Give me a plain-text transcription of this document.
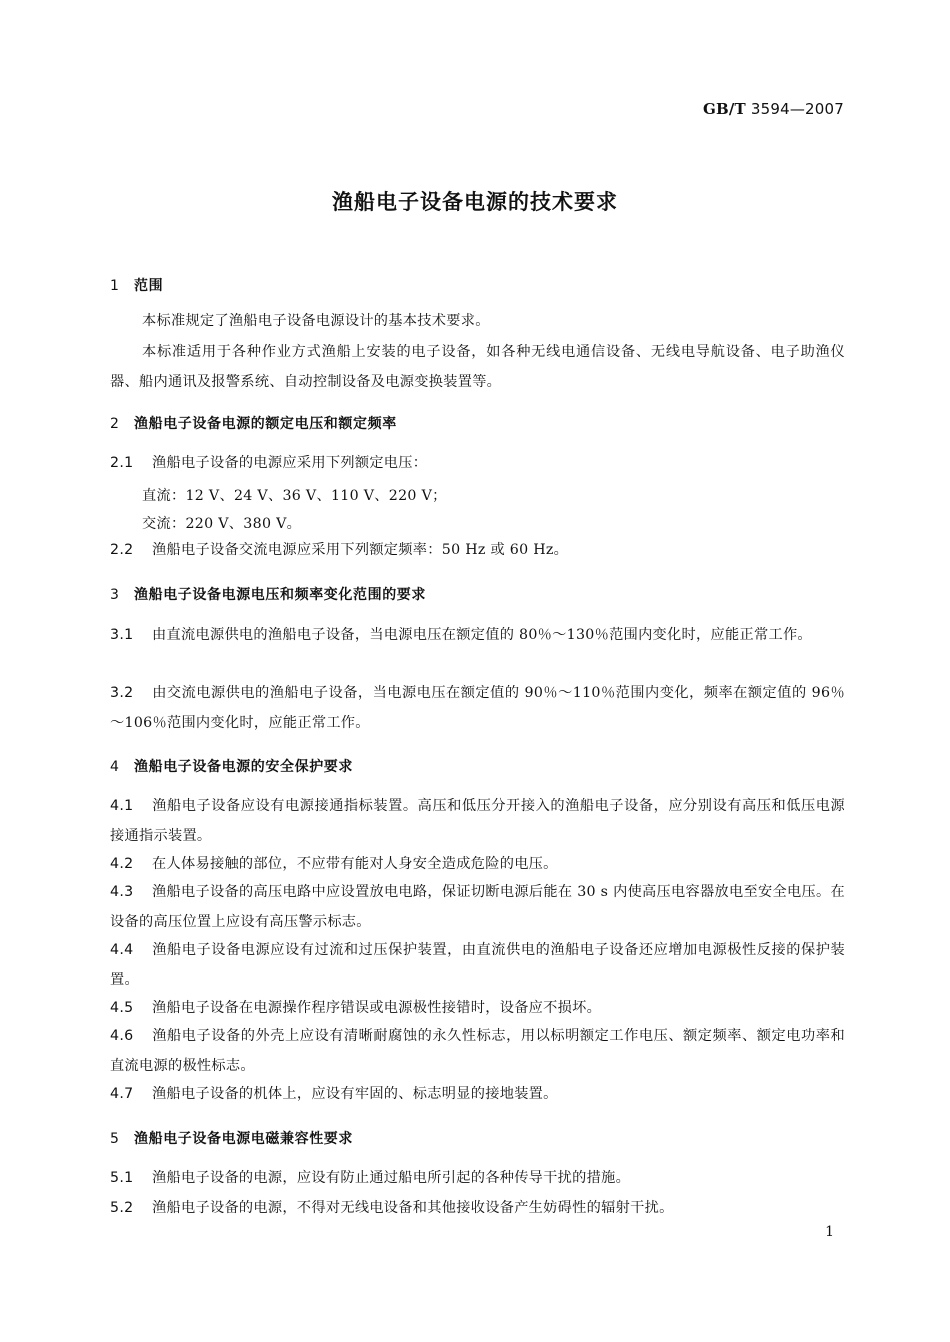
GB/T 3594—2007
渔船电子设备电源的技术要求
1 范围
本标准规定了渔船电子设备电源设计的基本技术要求。
本标准适用于各种作业方式渔船上安装的电子设备，如各种无线电通信设备、无线电导航设备、电子助渔仪器、船内通讯及报警系统、自动控制设备及电源变换装置等。
2 渔船电子设备电源的额定电压和额定频率
2.1 渔船电子设备的电源应采用下列额定电压：
直流：12 V、24 V、36 V、110 V、220 V；
交流：220 V、380 V。
2.2 渔船电子设备交流电源应采用下列额定频率：50 Hz 或 60 Hz。
3 渔船电子设备电源电压和频率变化范围的要求
3.1 由直流电源供电的渔船电子设备，当电源电压在额定值的 80％～130％范围内变化时，应能正常工作。
3.2 由交流电源供电的渔船电子设备，当电源电压在额定值的 90％～110％范围内变化，频率在额定值的 96％～106％范围内变化时，应能正常工作。
4 渔船电子设备电源的安全保护要求
4.1 渔船电子设备应设有电源接通指标装置。高压和低压分开接入的渔船电子设备，应分别设有高压和低压电源接通指示装置。
4.2 在人体易接触的部位，不应带有能对人身安全造成危险的电压。
4.3 渔船电子设备的高压电路中应设置放电电路，保证切断电源后能在 30 s 内使高压电容器放电至安全电压。在设备的高压位置上应设有高压警示标志。
4.4 渔船电子设备电源应设有过流和过压保护装置，由直流供电的渔船电子设备还应增加电源极性反接的保护装置。
4.5 渔船电子设备在电源操作程序错误或电源极性接错时，设备应不损坏。
4.6 渔船电子设备的外壳上应设有清晰耐腐蚀的永久性标志，用以标明额定工作电压、额定频率、额定电功率和直流电源的极性标志。
4.7 渔船电子设备的机体上，应设有牢固的、标志明显的接地装置。
5 渔船电子设备电源电磁兼容性要求
5.1 渔船电子设备的电源，应设有防止通过船电所引起的各种传导干扰的措施。
5.2 渔船电子设备的电源，不得对无线电设备和其他接收设备产生妨碍性的辐射干扰。
1
